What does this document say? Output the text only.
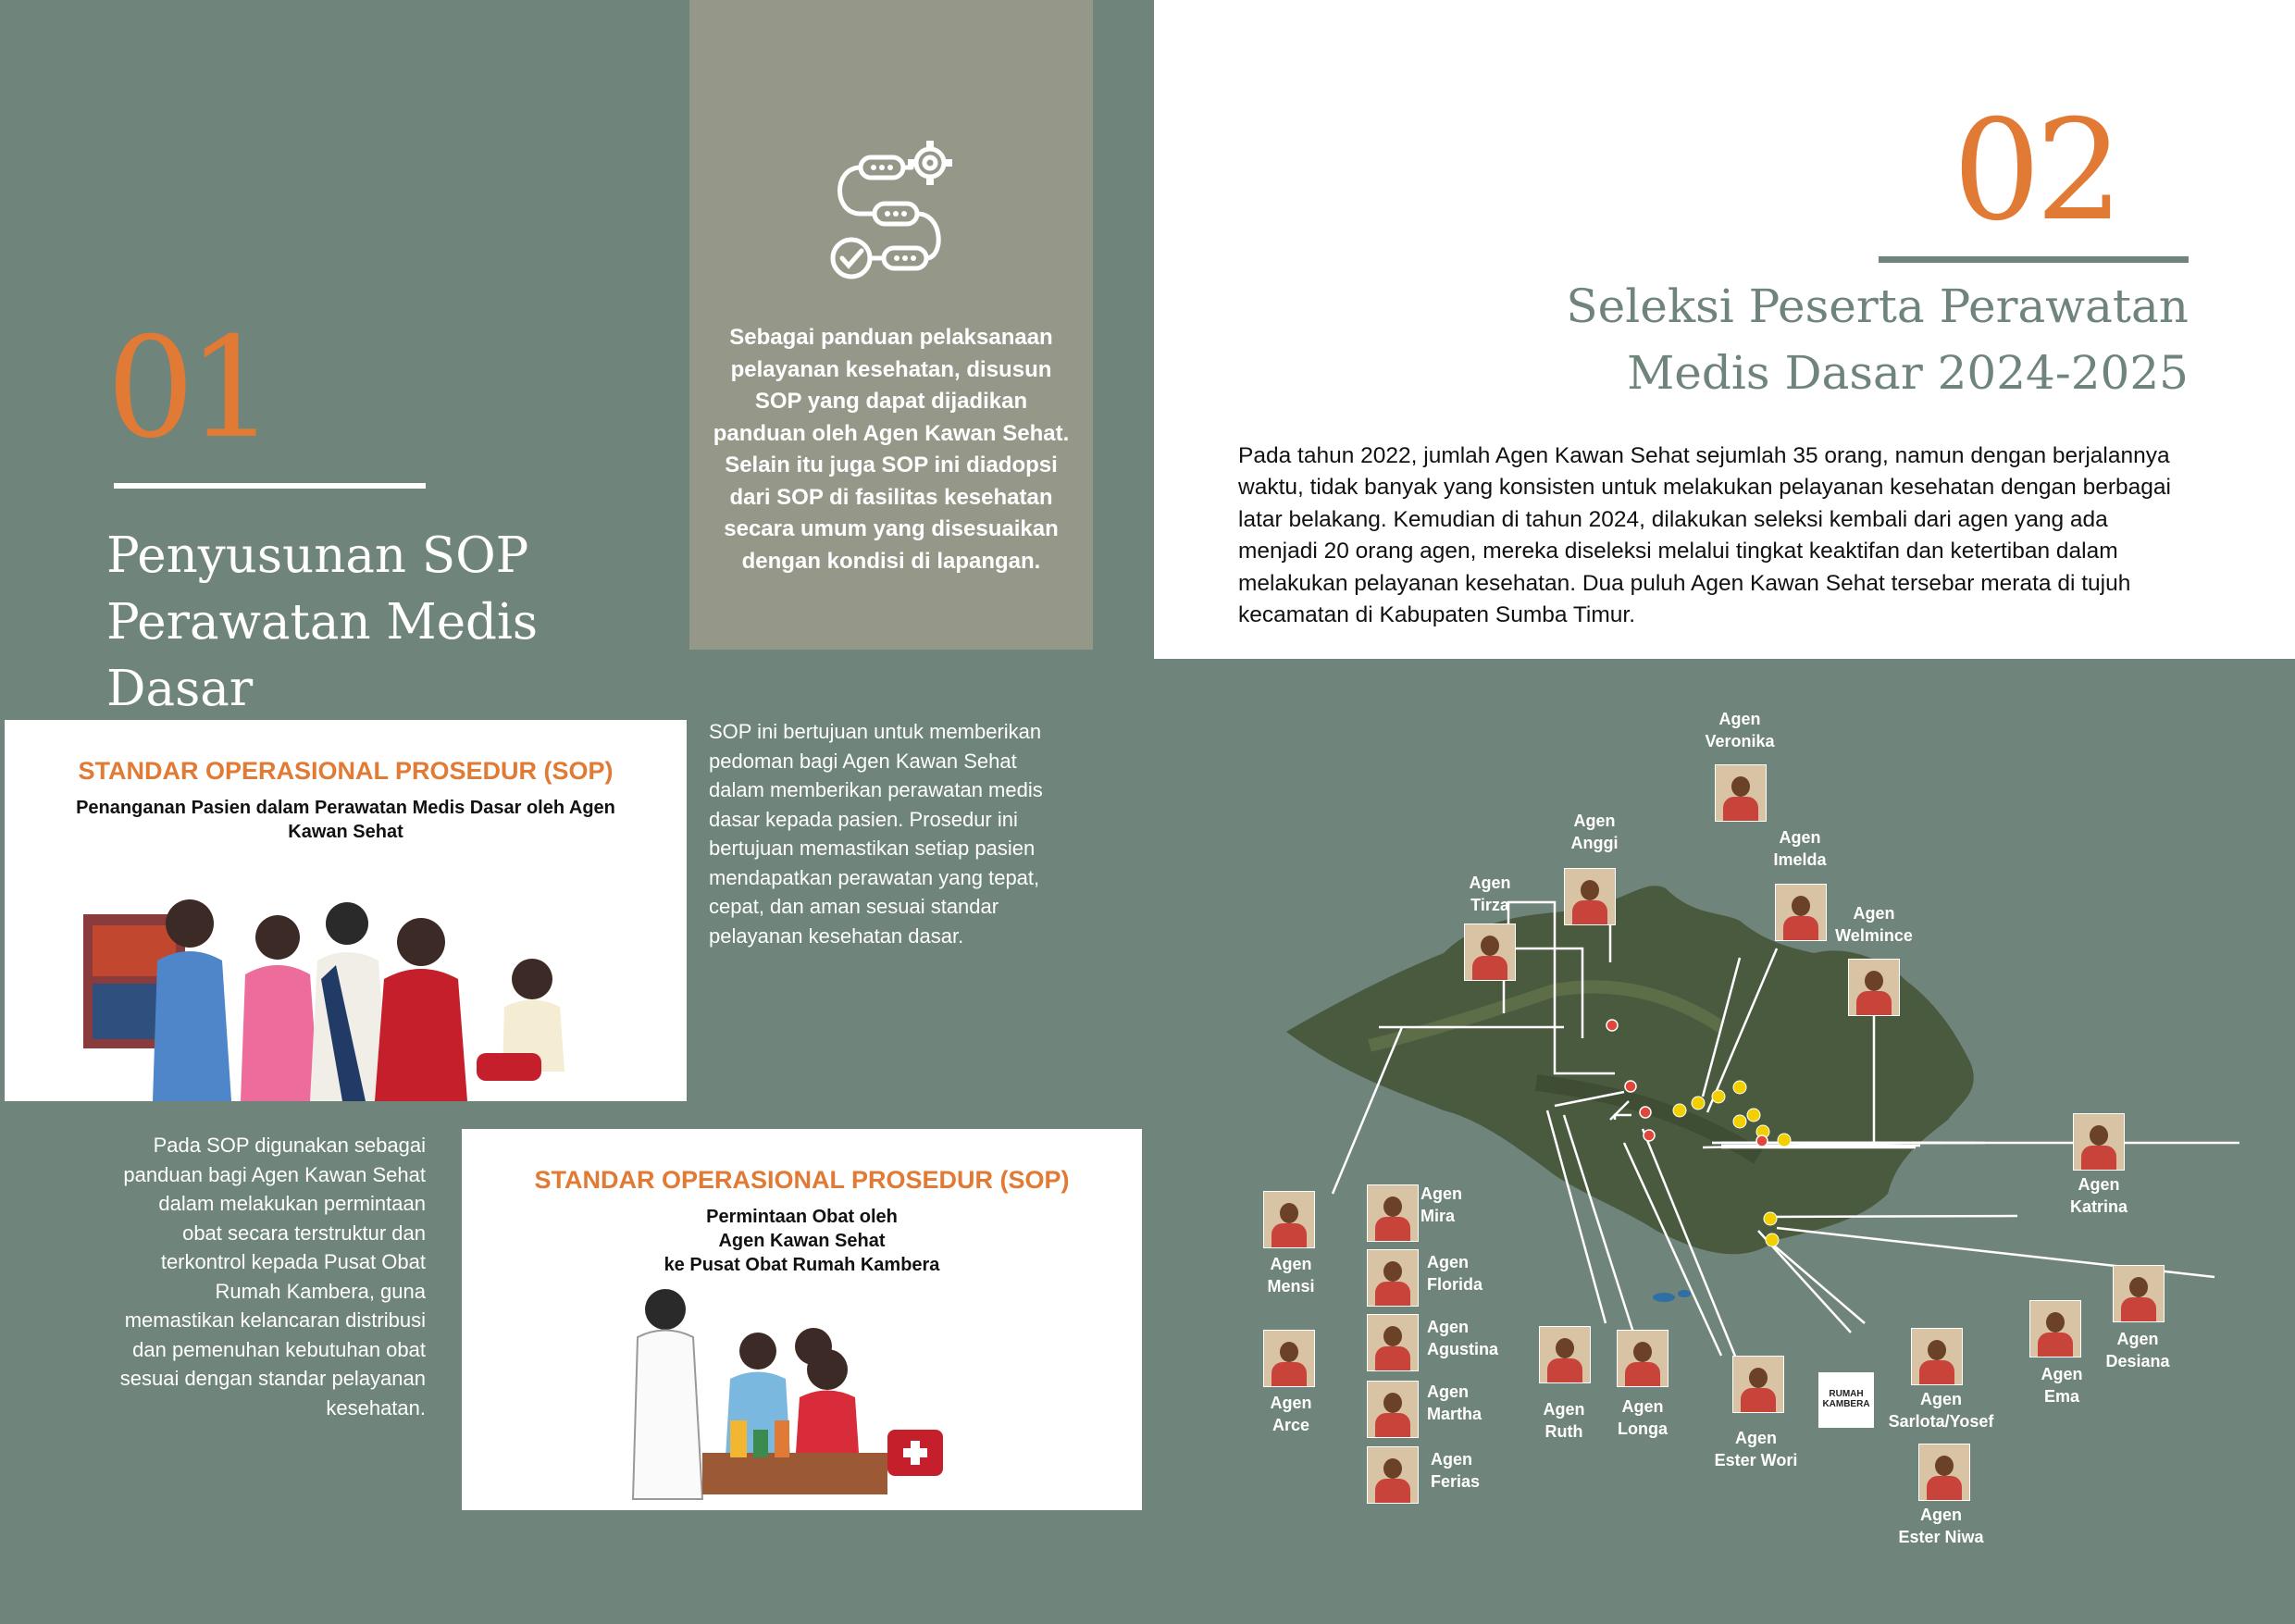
01
Penyusunan SOP
Perawatan Medis Dasar
Sebagai panduan pelaksanaan pelayanan kesehatan, disusun SOP yang dapat dijadikan panduan oleh Agen Kawan Sehat. Selain itu juga SOP ini diadopsi dari SOP di fasilitas kesehatan secara umum yang disesuaikan dengan kondisi di lapangan.
02
Seleksi Peserta Perawatan
Medis Dasar 2024-2025
Pada tahun 2022, jumlah Agen Kawan Sehat sejumlah 35 orang, namun dengan berjalannya waktu, tidak banyak yang konsisten untuk melakukan pelayanan kesehatan dengan berbagai latar belakang. Kemudian di tahun 2024, dilakukan seleksi kembali dari agen yang ada menjadi 20 orang agen, mereka diseleksi melalui tingkat keaktifan dan ketertiban dalam melakukan pelayanan kesehatan. Dua puluh Agen Kawan Sehat tersebar merata di tujuh kecamatan di Kabupaten Sumba Timur.
STANDAR OPERASIONAL PROSEDUR (SOP)
Penanganan Pasien dalam Perawatan Medis Dasar oleh Agen Kawan Sehat
SOP ini bertujuan untuk memberikan pedoman bagi Agen Kawan Sehat dalam memberikan perawatan medis dasar kepada pasien. Prosedur ini bertujuan memastikan setiap pasien mendapatkan perawatan yang tepat, cepat, dan aman sesuai standar pelayanan kesehatan dasar.
Pada SOP digunakan sebagai panduan bagi Agen Kawan Sehat dalam melakukan permintaan obat secara terstruktur dan terkontrol kepada Pusat Obat Rumah Kambera, guna memastikan kelancaran distribusi dan pemenuhan kebutuhan obat sesuai dengan standar pelayanan kesehatan.
STANDAR OPERASIONAL PROSEDUR (SOP)
Permintaan Obat oleh
Agen Kawan Sehat
ke Pusat Obat Rumah Kambera
Agen
Veronika
Agen
Anggi	Agen
Imelda
Agen
Tirza	Agen
Welmince
Agen
Katrina
Agen
Mensi
Agen
Arce
Agen
Mira
Agen
Florida
Agen
Agustina
Agen
Martha
Agen
Ferias
Agen
Ruth
Agen
Longa	Agen
Ester Wori
RUMAH KAMBERA	Agen
Sarlota/Yosef
Agen
Ester Niwa
Agen
Ema
Agen
Desiana
